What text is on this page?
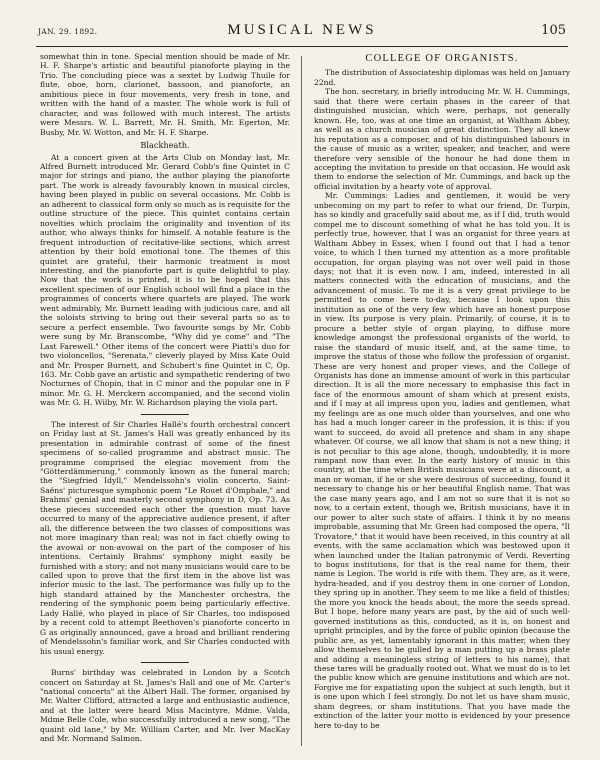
JAN. 29. 1892.	MUSICAL NEWS	105

somewhat thin in tone. Special mention should be made of Mr. H. F. Sharpe's artistic and beautiful pianoforte playing in the Trio. The concluding piece was a sextet by Ludwig Thuile for flute, oboe, horn, clarionet, bassoon, and pianoforte, an ambitious piece in four movements, very fresh in tone, and written with the hand of a master. The whole work is full of character, and was followed with much interest. The artists were Messrs. W. L. Barrett, Mr. H. Smith, Mr. Egerton, Mr. Busby, Mr. W. Wotton, and Mr. H. F. Sharpe.

Blackheath.

At a concert given at the Arts Club on Monday last, Mr. Alfred Burnett introduced Mr. Gerard Cobb's fine Quintet in C major for strings and piano, the author playing the pianoforte part. The work is already favourably known in musical circles, having been played in public on several occasions. Mr. Cobb is an adherent to classical form only so much as is requisite for the outline structure of the piece. This quintet contains certain novelties which proclaim the originality and invention of its author, who always thinks for himself. A notable feature is the frequent introduction of recitative-like sections, which arrest attention by their bold emotional tone. The themes of this quintet are grateful, their harmonic treatment is most interesting, and the pianoforte part is quite delightful to play. Now that the work is printed, it is to be hoped that this excellent specimen of our English school will find a place in the programmes of concerts where quartets are played. The work went admirably, Mr. Burnett leading with judicious care, and all the soloists striving to bring out their several parts so as to secure a perfect ensemble. Two favourite songs by Mr. Cobb were sung by Mr. Branscombe, "Why did ye come" and "The Last Farewell." Other items of the concert were Piatti's duo for two violoncellos, "Serenata," cleverly played by Miss Kate Ould and Mr. Prosper Burnett, and Schubert's fine Quintet in C, Op. 163. Mr. Cobb gave an artistic and sympathetic rendering of two Nocturnes of Chopin, that in C minor and the popular one in F minor. Mr. G. H. Merckern accompanied, and the second violin was Mr. G. H. Wilby, Mr. W. Richardson playing the viola part.

The interest of Sir Charles Hallé's fourth orchestral concert on Friday last at St. James's Hall was greatly enhanced by its presentation in admirable contrast of some of the finest specimens of so-called programme and abstract music. The programme comprised the elegiac movement from the "Götterdämmerung," commonly known as the funeral march; the "Siegfried Idyll," Mendelssohn's violin concerto, Saint-Saëns' picturesque symphonic poem "Le Rouet d'Omphale," and Brahms' genial and masterly second symphony in D, Op. 73. As these pieces succeeded each other the question must have occurred to many of the appreciative audience present, if after all, the difference between the two classes of compositions was not more imaginary than real; was not in fact chiefly owing to the avowal or non-avowal on the part of the composer of his intentions. Certainly Brahms' symphony might easily be furnished with a story; and not many musicians would care to be called upon to prove that the first item in the above list was inferior music to the last. The performance was fully up to the high standard attained by the Manchester orchestra, the rendering of the symphonic poem being particularly effective. Lady Hallé, who played in place of Sir Charles, too indisposed by a recent cold to attempt Beethoven's pianoforte concerto in G as originally announced, gave a broad and brilliant rendering of Mendelssohn's familiar work, and Sir Charles conducted with his usual energy.

Burns' birthday was celebrated in London by a Scotch concert on Saturday at St. James's Hall and one of Mr. Carter's "national concerts" at the Albert Hall. The former, organised by Mr. Walter Clifford, attracted a large and enthusiastic audience, and at the latter were heard Miss Macintyre, Mdme. Valda, Mdme Belle Cole, who successfully introduced a new song, "The quaint old lane," by Mr. William Carter, and Mr. Iver MacKay and Mr. Normand Salmon.

COLLEGE OF ORGANISTS.

The distribution of Associateship diplomas was held on January 22nd.

The hon. secretary, in briefly introducing Mr. W. H. Cummings, said that there were certain phases in the career of that distinguished musician, which were, perhaps, not generally known. He, too, was at one time an organist, at Waltham Abbey, as well as a church musician of great distinction. They all knew his reputation as a composer, and of his distinguished labours in the cause of music as a writer, speaker, and teacher, and were therefore very sensible of the honour he had done them in accepting the invitation to preside on that occasion. He would ask them to endorse the selection of Mr. Cummings, and back up the official invitation by a hearty vote of approval.

Mr. Cummings: Ladies and gentlemen, it would be very unbecoming on my part to refer to what our friend, Dr. Turpin, has so kindly and gracefully said about me, as if I did, truth would compel me to discount something of what he has told you. It is perfectly true, however, that I was an organist for three years at Waltham Abbey in Essex, when I found out that I had a tenor voice, to which I then turned my attention as a more profitable occupation, for organ playing was not over well paid in those days; not that it is even now. I am, indeed, interested in all matters connected with the education of musicians, and the advancement of music. To me it is a very great privilege to be permitted to come here to-day, because I look upon this institution as one of the very few which have an honest purpose in view. Its purpose is very plain. Primarily, of course, it is to procure a better style of organ playing, to diffuse more knowledge amongst the professional organists of the world, to raise the standard of music itself, and, at the same time, to improve the status of those who follow the profession of organist. These are very honest and proper views, and the College of Organists has done an immense amount of work in this particular direction. It is all the more necessary to emphasise this fact in face of the enormous amount of sham which at present exists, and if I may at all impress upon you, ladies and gentlemen, what my feelings are as one much older than yourselves, and one who has had a much longer career in the profession, it is this: if you want to succeed, do avoid all pretence and sham in any shape whatever. Of course, we all know that sham is not a new thing; it is not peculiar to this age alone, though, undoubtedly, it is more rampant now than ever. In the early history of music in this country, at the time when British musicians were at a discount, a man or woman, if he or she were desirous of succeeding, found it necessary to change his or her beautiful English name. That was the case many years ago, and I am not so sure that it is not so now, to a certain extent, though we, British musicians, have it in our power to alter such state of affairs. I think it by no means improbable, assuming that Mr. Green had composed the opera, "Il Trovatore," that it would have been received, in this country at all events, with the same acclamation which was bestowed upon it when launched under the Italian patronymic of Verdi. Reverting to bogus institutions, for that is the real name for them, their name is Legion. The world is rife with them. They are, as it were, hydra-headed, and if you destroy them in one corner of London, they spring up in another. They seem to me like a field of thistles; the more you knock the heads about, the more the seeds spread. But I hope, before many years are past, by the aid of such well-governed institutions as this, conducted, as it is, on honest and upright principles, and by the force of public opinion (because the public are, as yet, lamentably ignorant in this matter, when they allow themselves to be gulled by a man putting up a brass plate and adding a meaningless string of letters to his name), that these tares will be gradually rooted out. What we must do is to let the public know which are genuine institutions and which are not. Forgive me for expatiating upon the subject at such length, but it is one upon which I feel strongly. Do not let us have sham music, sham degrees, or sham institutions. That you have made the extinction of the latter your motto is evidenced by your presence here to-day to be
